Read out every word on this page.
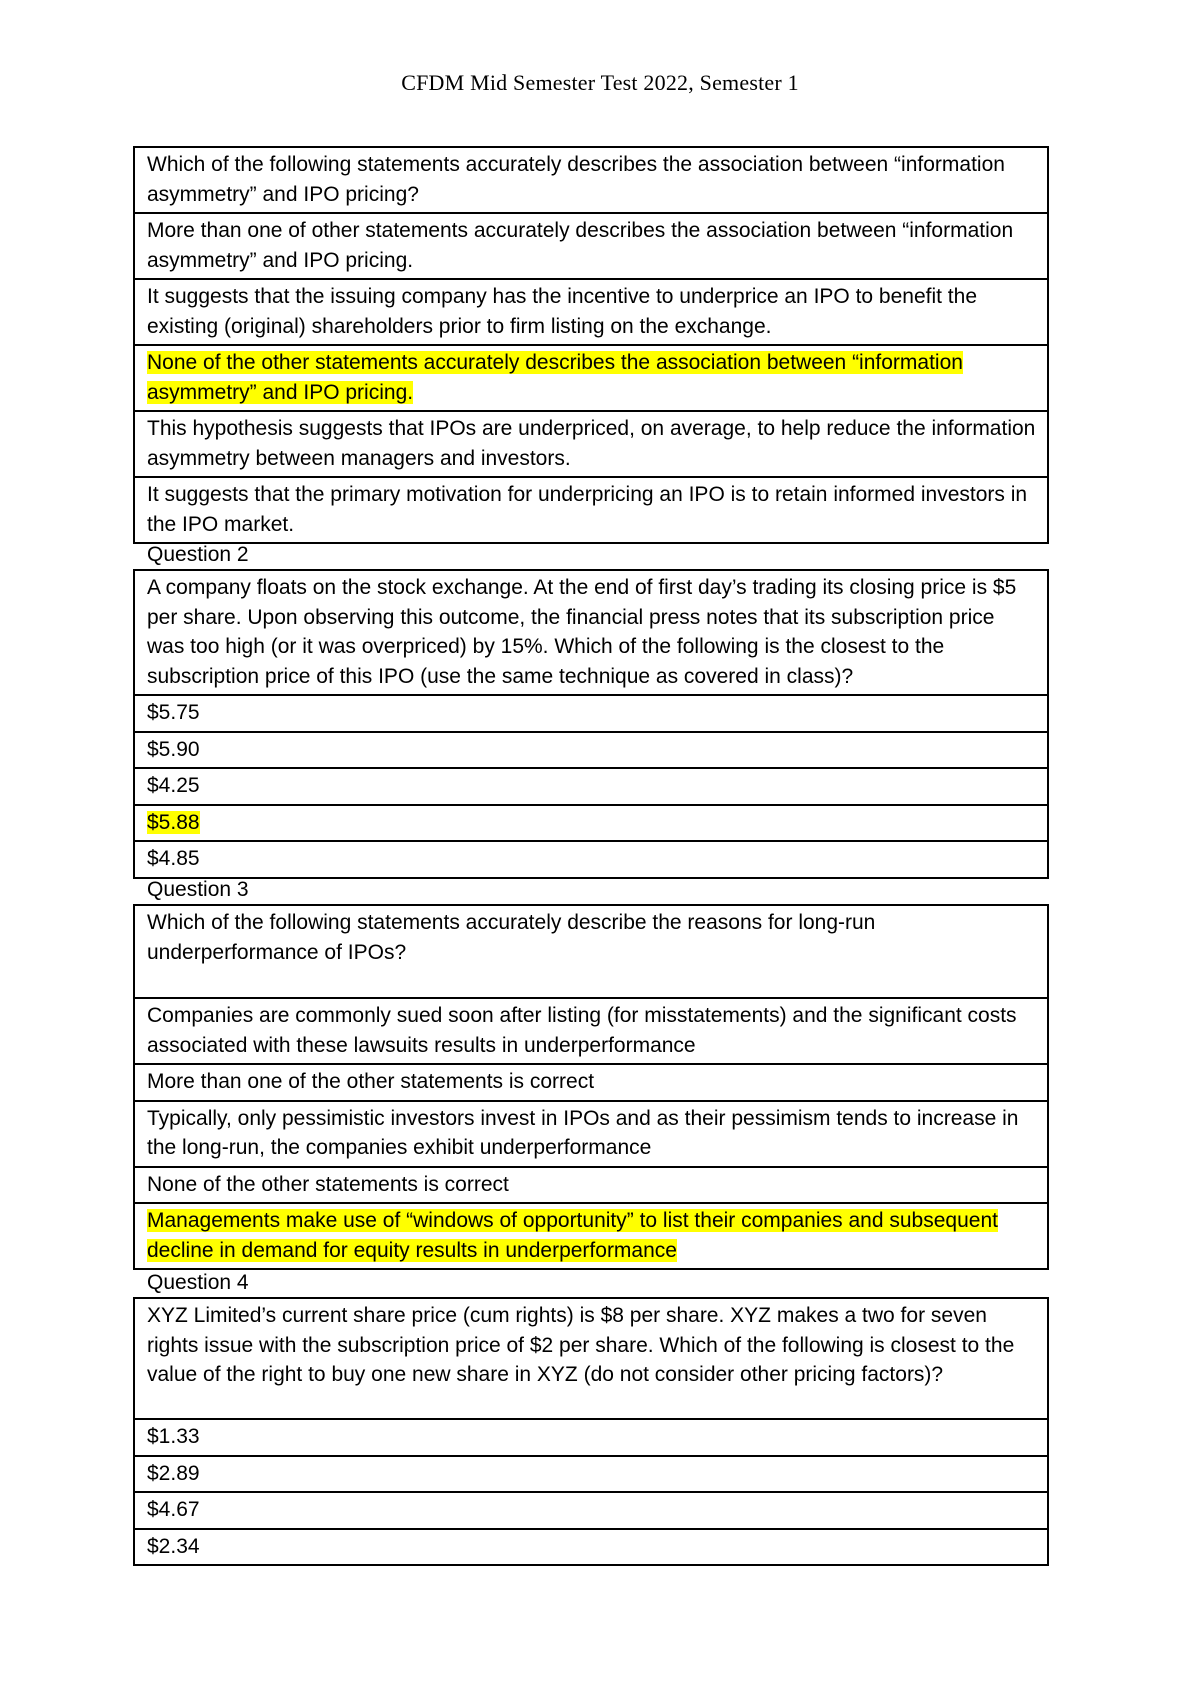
CFDM Mid Semester Test 2022, Semester 1
Which of the following statements accurately describes the association between “information asymmetry” and IPO pricing?
More than one of other statements accurately describes the association between “information asymmetry” and IPO pricing.
It suggests that the issuing company has the incentive to underprice an IPO to benefit the existing (original) shareholders prior to firm listing on the exchange.
None of the other statements accurately describes the association between “information asymmetry” and IPO pricing.
This hypothesis suggests that IPOs are underpriced, on average, to help reduce the information asymmetry between managers and investors.
It suggests that the primary motivation for underpricing an IPO is to retain informed investors in the IPO market.
Question 2
A company floats on the stock exchange. At the end of first day’s trading its closing price is $5 per share. Upon observing this outcome, the financial press notes that its subscription price was too high (or it was overpriced) by 15%. Which of the following is the closest to the subscription price of this IPO (use the same technique as covered in class)?
$5.75
$5.90
$4.25
$5.88
$4.85
Question 3
Which of the following statements accurately describe the reasons for long-run underperformance of IPOs?
Companies are commonly sued soon after listing (for misstatements) and the significant costs associated with these lawsuits results in underperformance
More than one of the other statements is correct
Typically, only pessimistic investors invest in IPOs and as their pessimism tends to increase in the long-run, the companies exhibit underperformance
None of the other statements is correct
Managements make use of “windows of opportunity” to list their companies and subsequent decline in demand for equity results in underperformance
Question 4
XYZ Limited’s current share price (cum rights) is $8 per share. XYZ makes a two for seven rights issue with the subscription price of $2 per share. Which of the following is closest to the value of the right to buy one new share in XYZ (do not consider other pricing factors)?
$1.33
$2.89
$4.67
$2.34
